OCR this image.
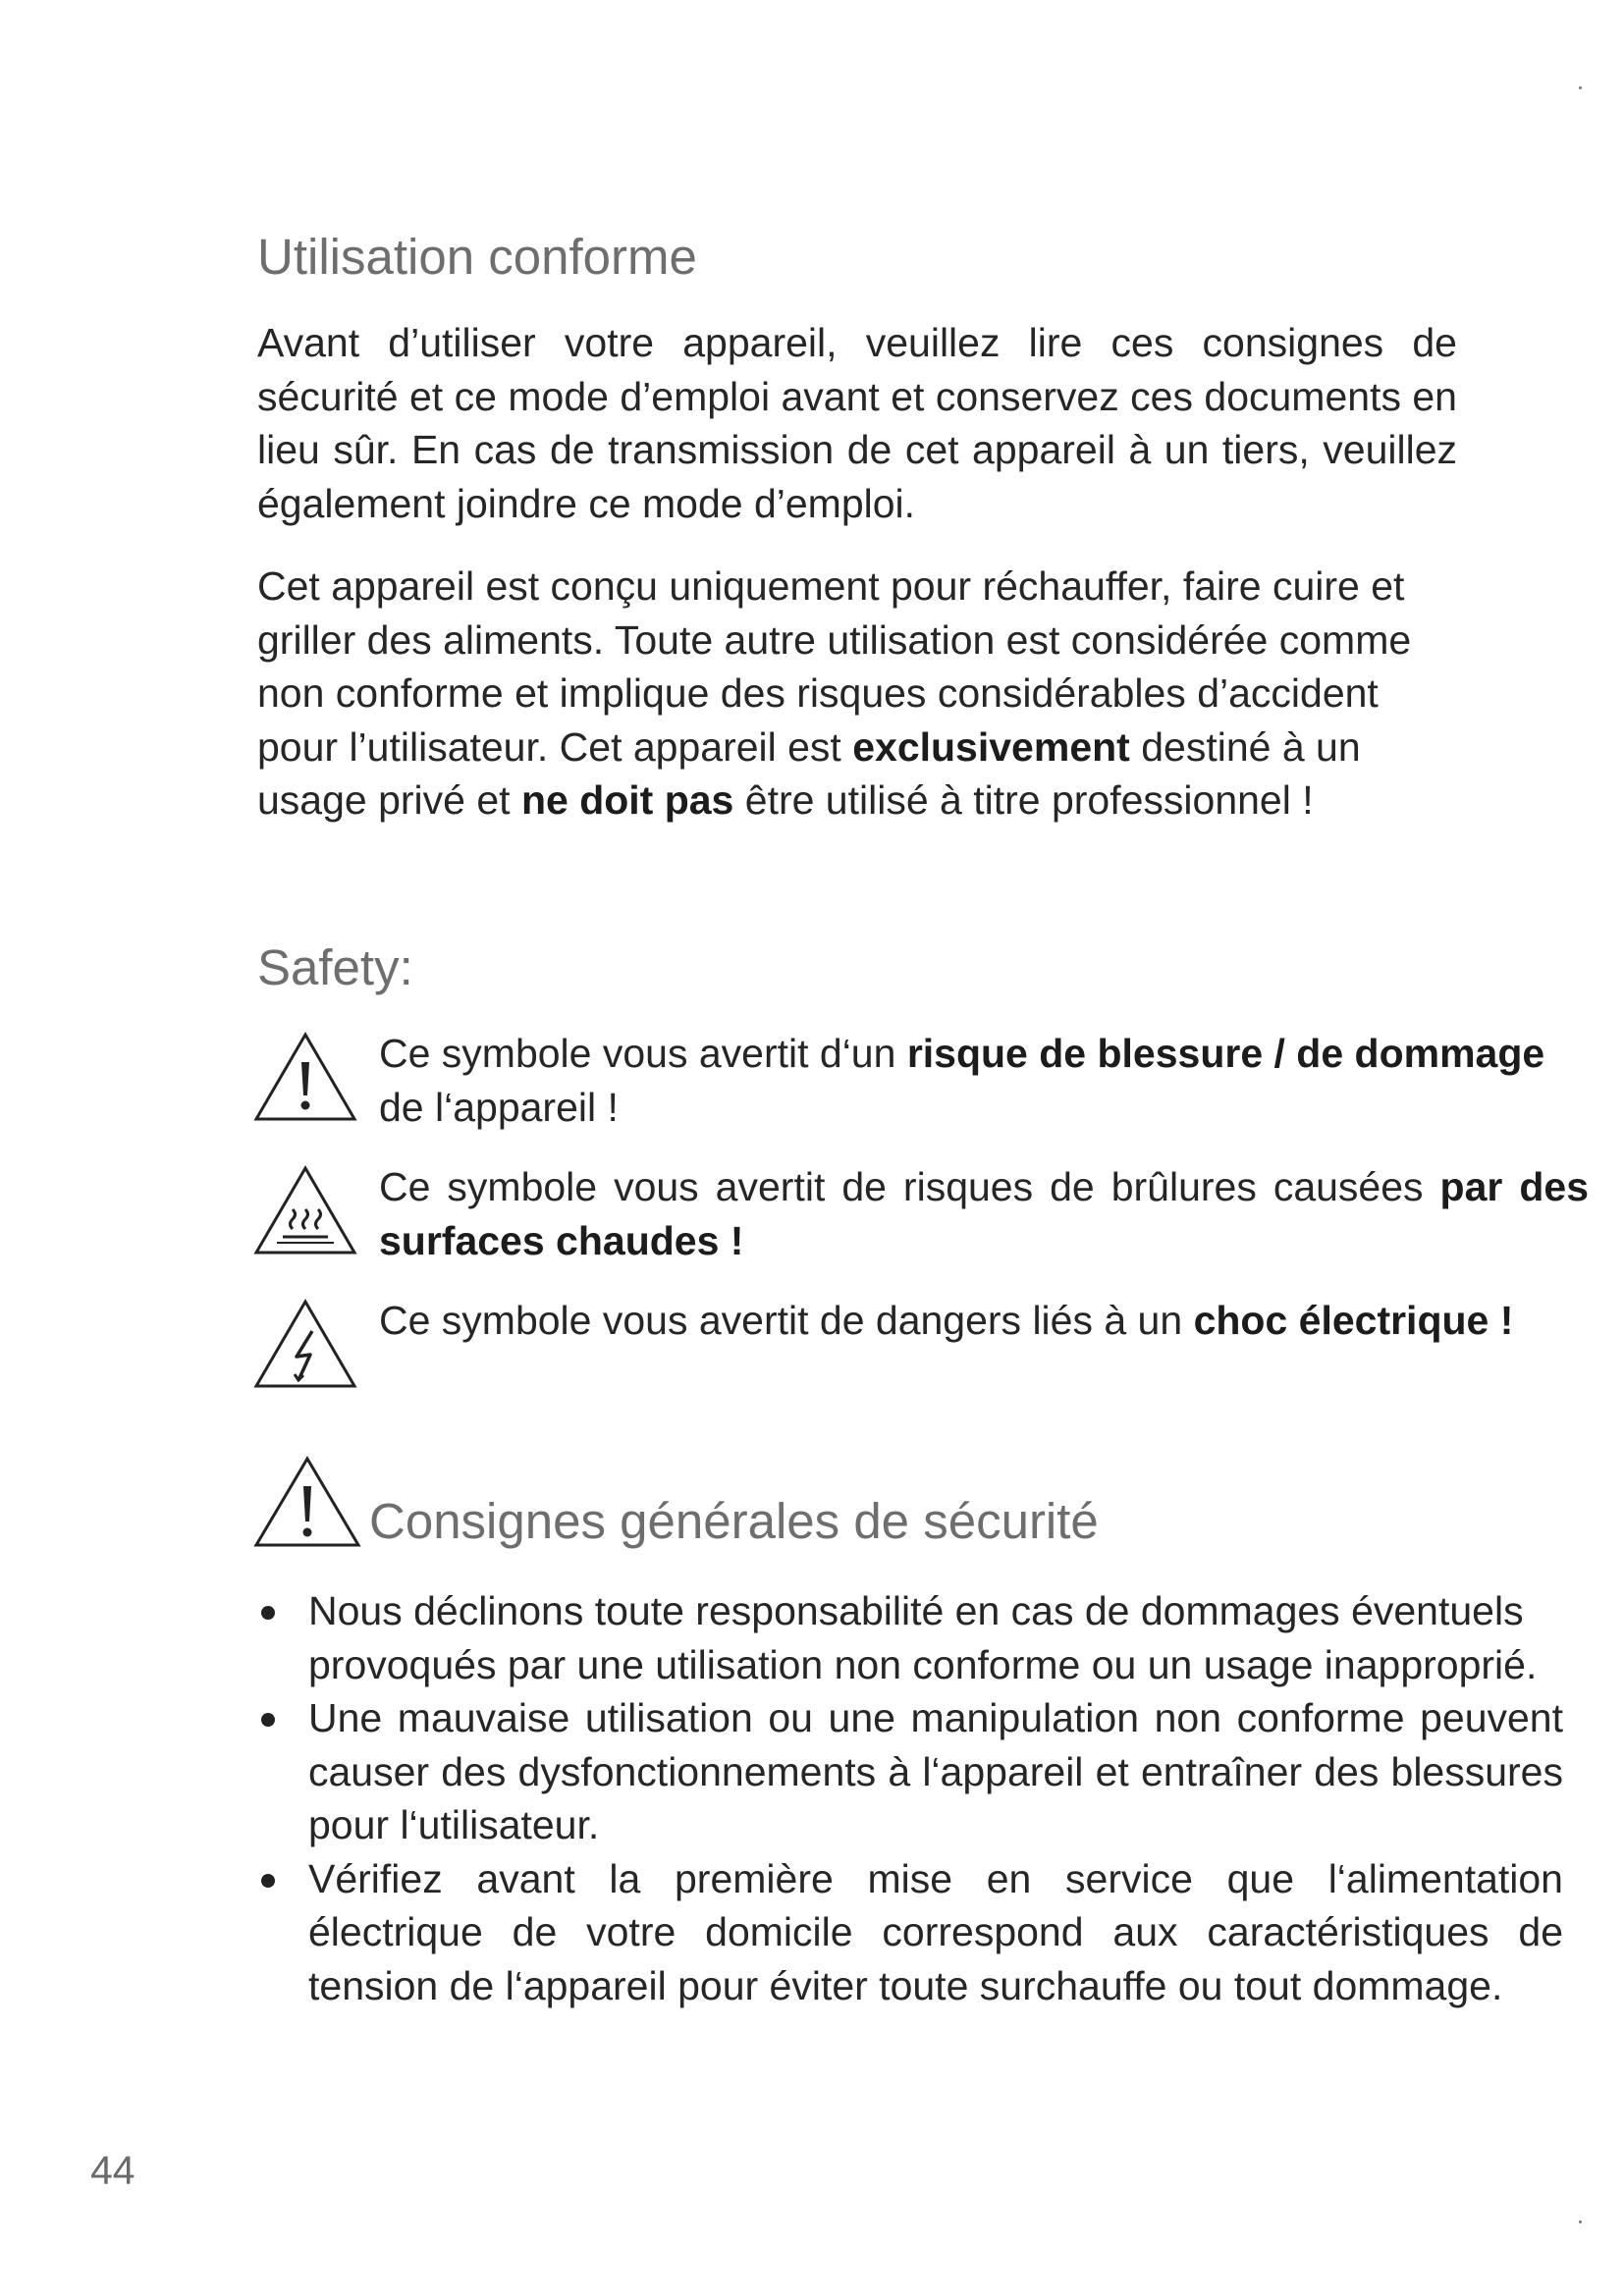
Utilisation conforme

Avant d’utiliser votre appareil, veuillez lire ces consignes de sécurité et ce mode d’emploi avant et conservez ces documents en lieu sûr. En cas de transmission de cet appareil à un tiers, veuillez également joindre ce mode d’emploi.

Cet appareil est conçu uniquement pour réchauffer, faire cuire et griller des aliments. Toute autre utilisation est considérée comme non conforme et implique des risques considérables d’accident pour l’utilisateur. Cet appareil est exclusivement destiné à un usage privé et ne doit pas être utilisé à titre professionnel !

Safety:

Ce symbole vous avertit d‘un risque de blessure / de dommage de l‘appareil !

Ce symbole vous avertit de risques de brûlures causées par des surfaces chaudes !

Ce symbole vous avertit de dangers liés à un choc électrique !

Consignes générales de sécurité
Nous déclinons toute responsabilité en cas de dommages éventuels provoqués par une utilisation non conforme ou un usage inapproprié.
Une mauvaise utilisation ou une manipulation non conforme peuvent causer des dysfonctionnements à l‘appareil et entraîner des blessures pour l‘utilisateur.
Vérifiez avant la première mise en service que l‘alimentation électrique de votre domicile correspond aux caractéristiques de tension de l‘appareil pour éviter toute surchauffe ou tout dommage.
44
